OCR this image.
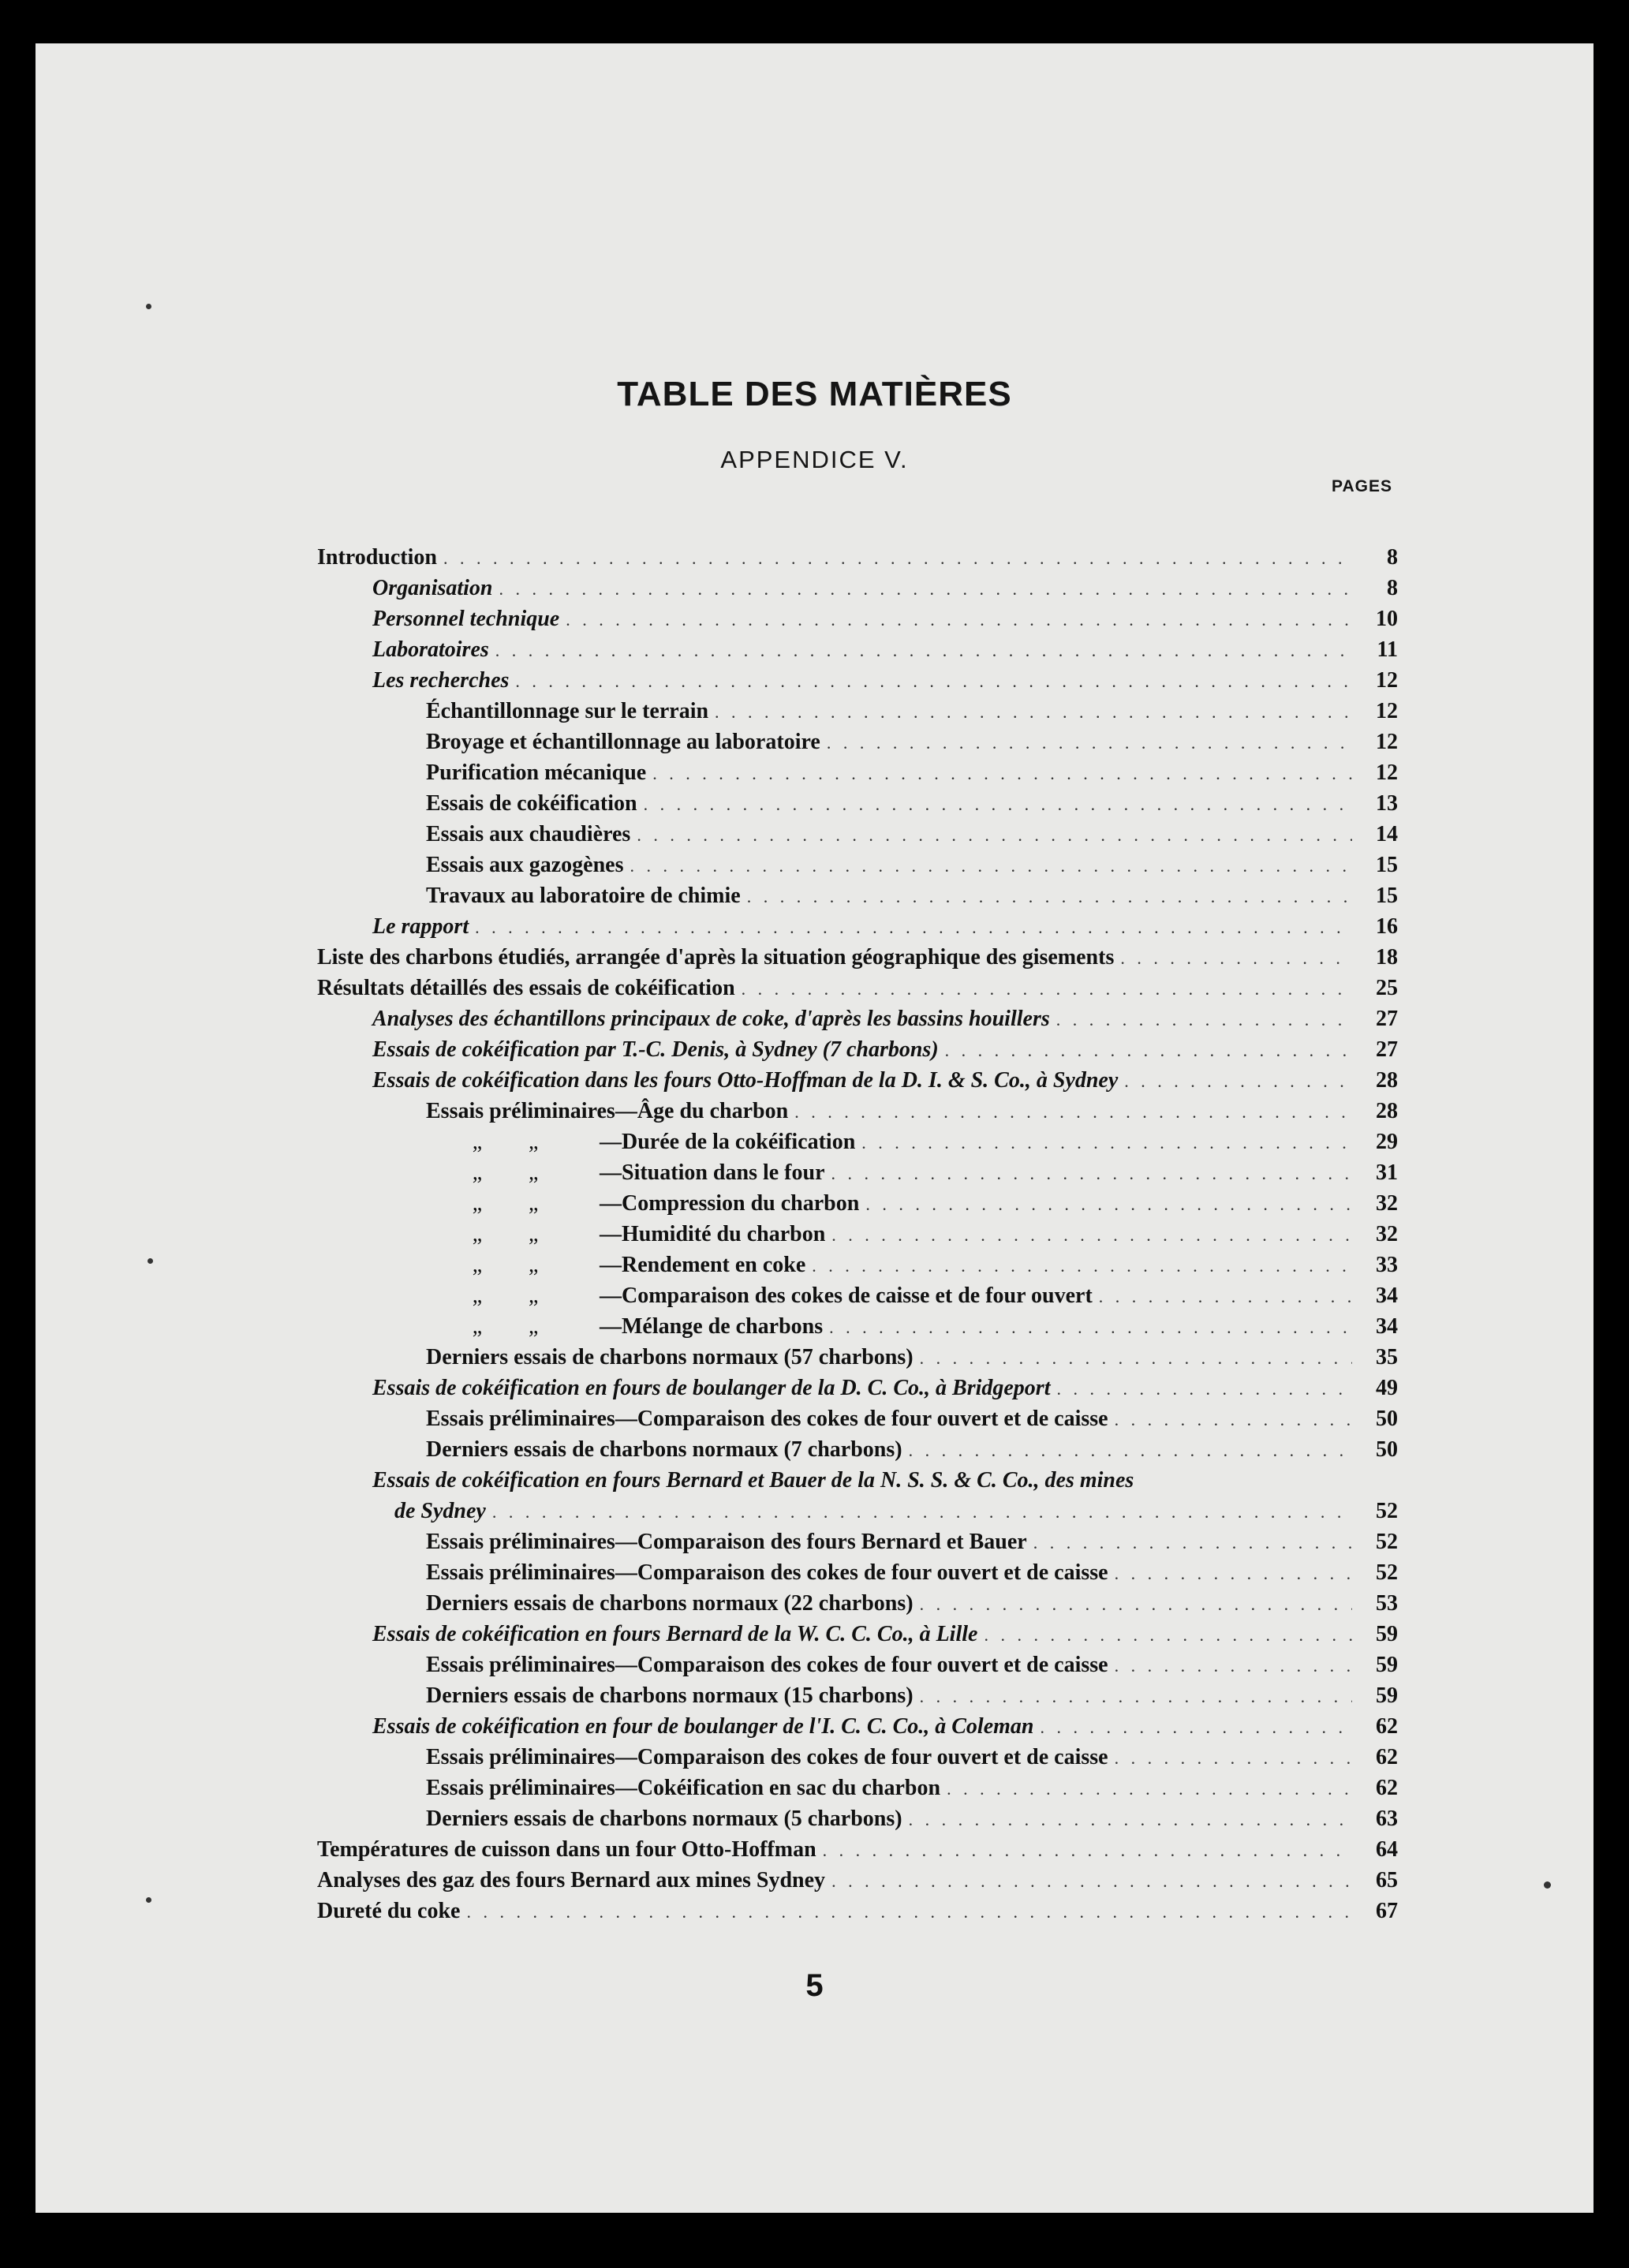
TABLE DES MATIÈRES
APPENDICE V.
PAGES
Introduction . . .	8
Organisation . . .	8
Personnel technique . . .	10
Laboratoires . . .	11
Les recherches . . .	12
Échantillonnage sur le terrain . . .	12
Broyage et échantillonnage au laboratoire . . .	12
Purification mécanique . . .	12
Essais de cokéification . . .	13
Essais aux chaudières . . .	14
Essais aux gazogènes . . .	15
Travaux au laboratoire de chimie . . .	15
Le rapport . . .	16
Liste des charbons étudiés, arrangée d'après la situation géographique des gisements . . .	18
Résultats détaillés des essais de cokéification . . .	25
Analyses des échantillons principaux de coke, d'après les bassins houillers . . .	27
Essais de cokéification par T.-C. Denis, à Sydney (7 charbons) . . .	27
Essais de cokéification dans les fours Otto-Hoffman de la D. I. & S. Co., à Sydney . . .	28
Essais préliminaires—Âge du charbon . . .	28
„	„	—Durée de la cokéification . . .	29
„	„	—Situation dans le four . . .	31
„	„	—Compression du charbon . . .	32
„	„	—Humidité du charbon . . .	32
„	„	—Rendement en coke . . .	33
„	„	—Comparaison des cokes de caisse et de four ouvert . . .	34
„	„	—Mélange de charbons . . .	34
Derniers essais de charbons normaux (57 charbons) . . .	35
Essais de cokéification en fours de boulanger de la D. C. Co., à Bridgeport . . .	49
Essais préliminaires—Comparaison des cokes de four ouvert et de caisse . . .	50
Derniers essais de charbons normaux (7 charbons) . . .	50
Essais de cokéification en fours Bernard et Bauer de la N. S. S. & C. Co., des mines
de Sydney . . .	52
Essais préliminaires—Comparaison des fours Bernard et Bauer . . .	52
Essais préliminaires—Comparaison des cokes de four ouvert et de caisse . . .	52
Derniers essais de charbons normaux (22 charbons) . . .	53
Essais de cokéification en fours Bernard de la W. C. C. Co., à Lille . . .	59
Essais préliminaires—Comparaison des cokes de four ouvert et de caisse . . .	59
Derniers essais de charbons normaux (15 charbons) . . .	59
Essais de cokéification en four de boulanger de l'I. C. C. Co., à Coleman . . .	62
Essais préliminaires—Comparaison des cokes de four ouvert et de caisse . . .	62
Essais préliminaires—Cokéification en sac du charbon . . .	62
Derniers essais de charbons normaux (5 charbons) . . .	63
Températures de cuisson dans un four Otto-Hoffman . . .	64
Analyses des gaz des fours Bernard aux mines Sydney . . .	65
Dureté du coke . . .	67
5
